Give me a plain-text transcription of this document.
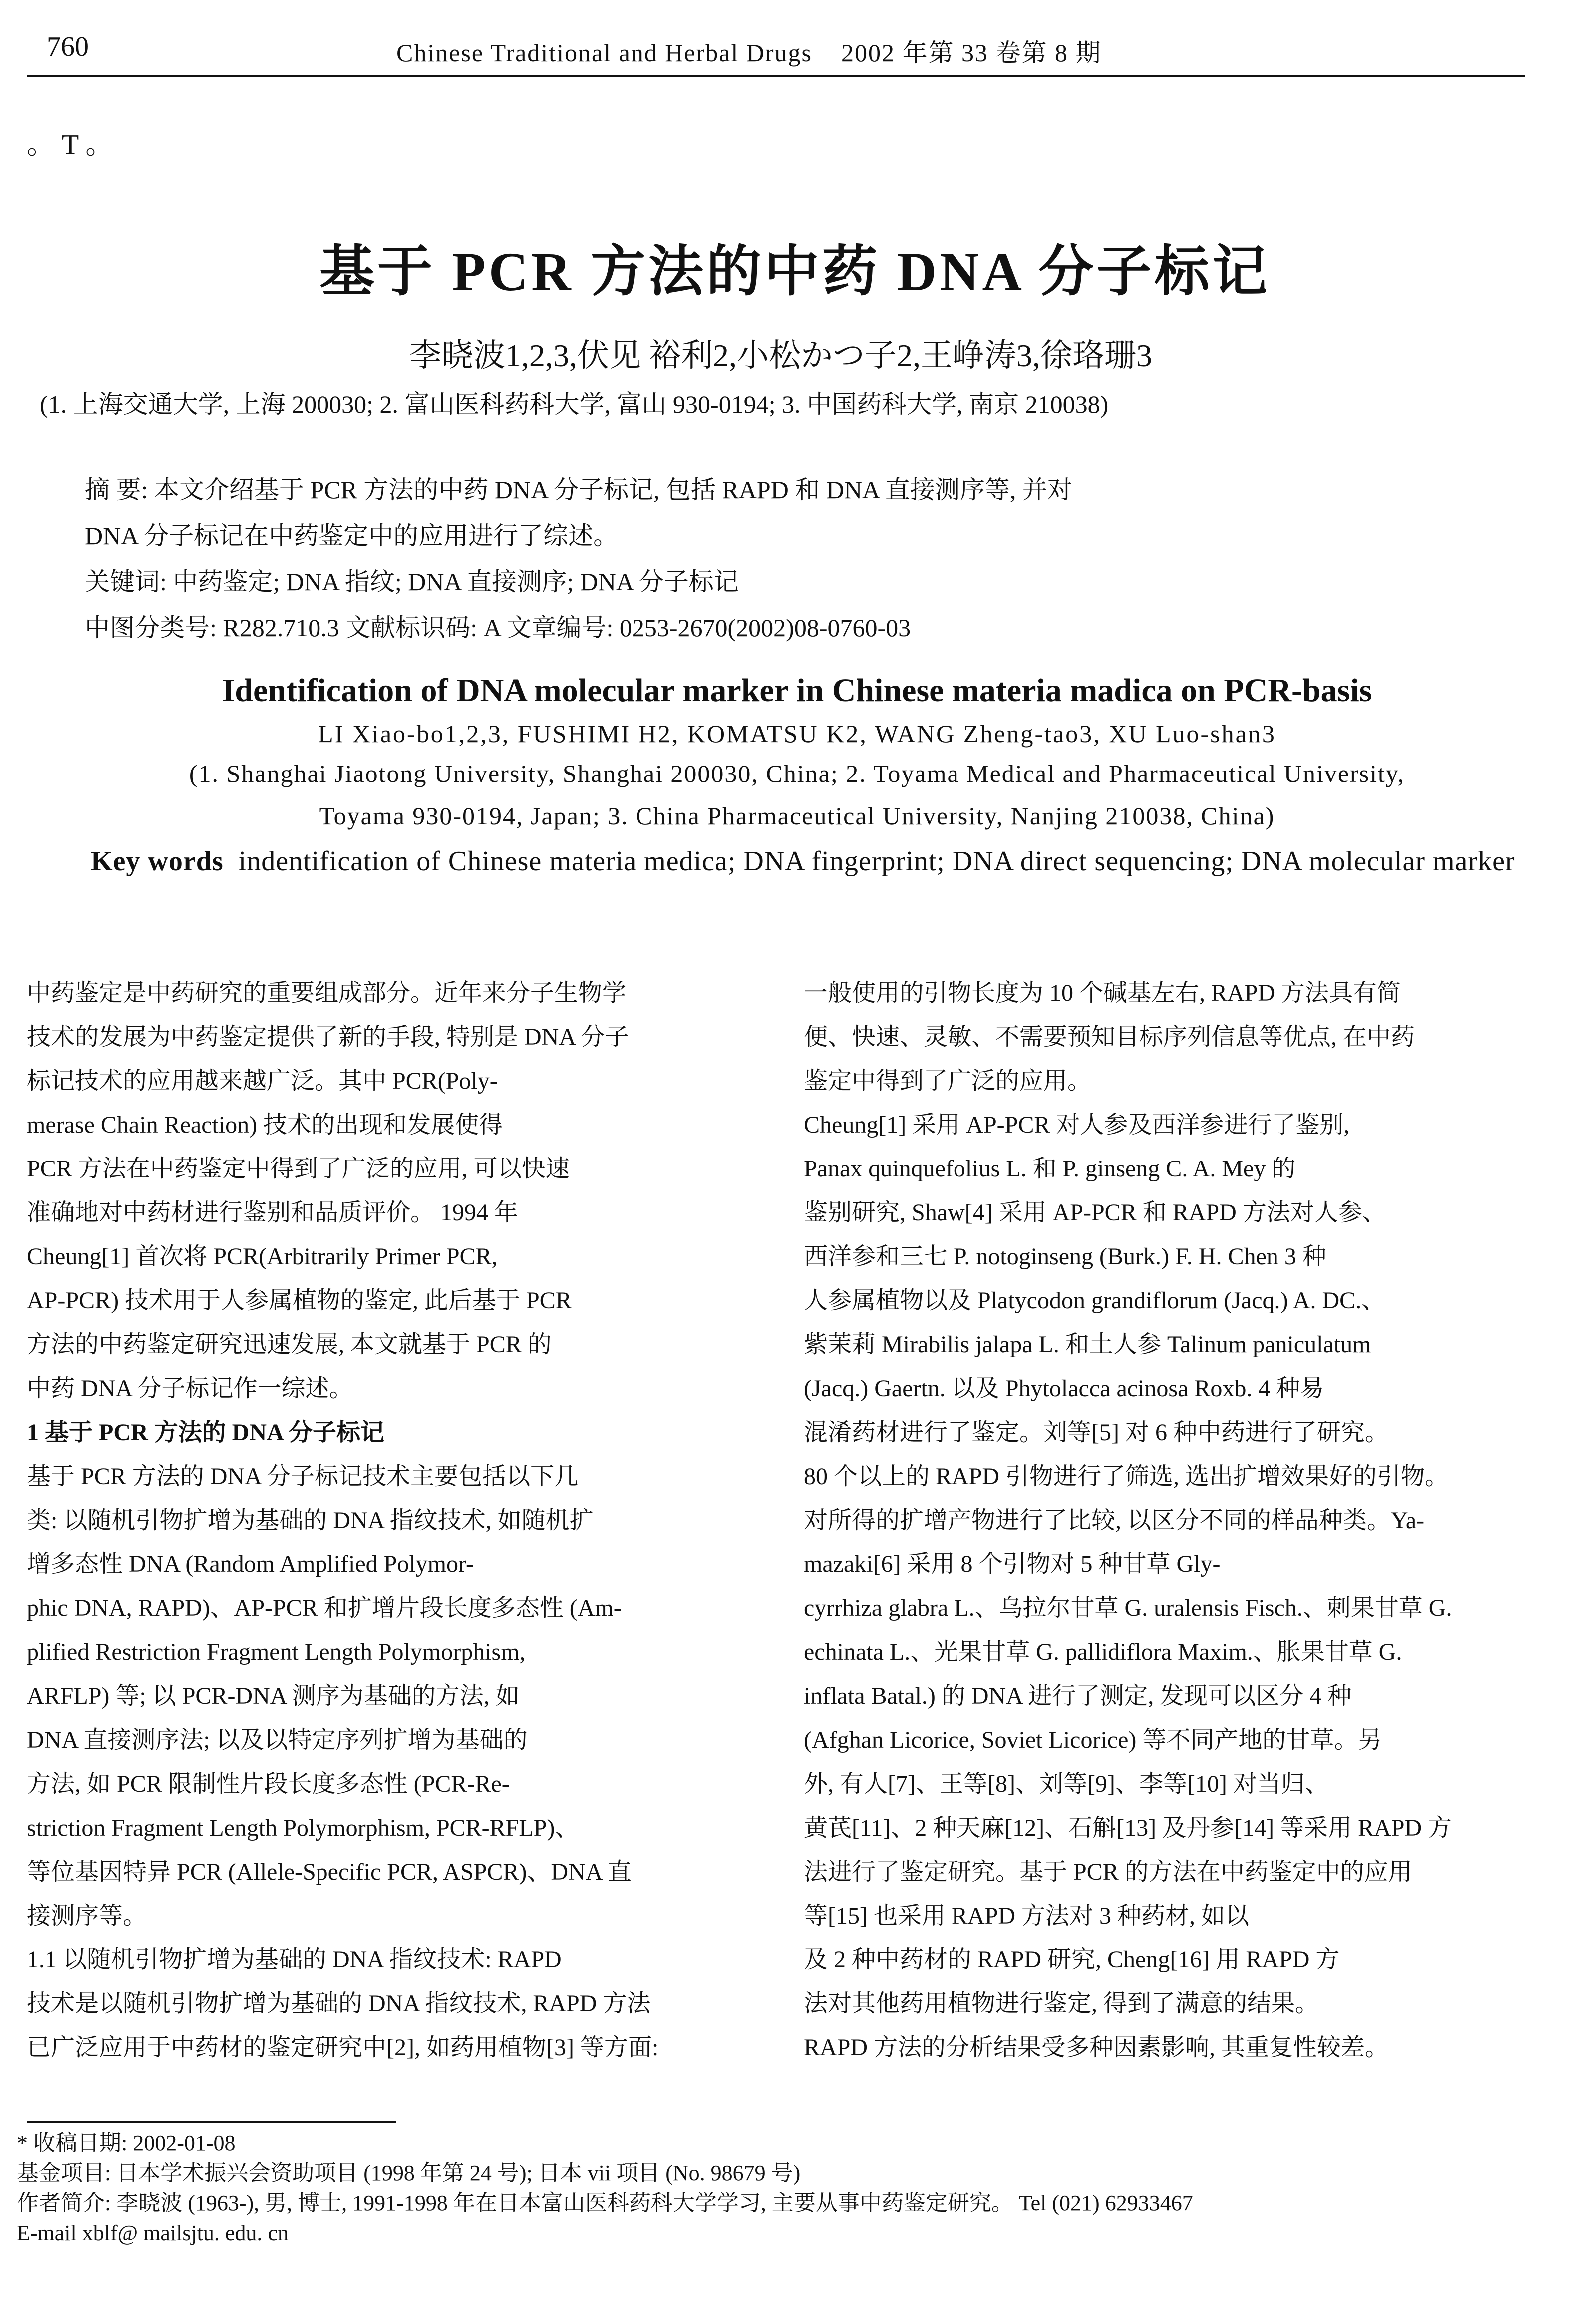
760	Chinese Traditional and Herbal Drugs 2002 年第 33 卷第 8 期
。 T 。
基于 PCR 方法的中药 DNA 分子标记
李晓波1,2,3,伏见 裕利2,小松かつ子2,王峥涛3,徐珞珊3
(1. 上海交通大学, 上海 200030; 2. 富山医科药科大学, 富山 930-0194; 3. 中国药科大学, 南京 210038)
摘 要: 本文介绍基于 PCR 方法的中药 DNA 分子标记, 包括 RAPD 和 DNA 直接测序等, 并对
DNA 分子标记在中药鉴定中的应用进行了综述。
关键词: 中药鉴定; DNA 指纹; DNA 直接测序; DNA 分子标记
中图分类号: R282.710.3 文献标识码: A 文章编号: 0253-2670(2002)08-0760-03
Identification of DNA molecular marker in Chinese materia madica on PCR-basis
LI Xiao-bo1,2,3, FUSHIMI H2, KOMATSU K2, WANG Zheng-tao3, XU Luo-shan3
(1. Shanghai Jiaotong University, Shanghai 200030, China; 2. Toyama Medical and Pharmaceutical University,
Toyama 930-0194, Japan; 3. China Pharmaceutical University, Nanjing 210038, China)
Key words indentification of Chinese materia medica; DNA fingerprint; DNA direct sequencing; DNA molecular marker
中药鉴定是中药研究的重要组成部分。近年来分子生物学
技术的发展为中药鉴定提供了新的手段, 特别是 DNA 分子
标记技术的应用越来越广泛。其中 PCR(Poly-
merase Chain Reaction) 技术的出现和发展使得
PCR 方法在中药鉴定中得到了广泛的应用, 可以快速
准确地对中药材进行鉴别和品质评价。 1994 年
Cheung[1] 首次将 PCR(Arbitrarily Primer PCR,
AP-PCR) 技术用于人参属植物的鉴定, 此后基于 PCR
方法的中药鉴定研究迅速发展, 本文就基于 PCR 的
中药 DNA 分子标记作一综述。
1 基于 PCR 方法的 DNA 分子标记
基于 PCR 方法的 DNA 分子标记技术主要包括以下几
类: 以随机引物扩增为基础的 DNA 指纹技术, 如随机扩
增多态性 DNA (Random Amplified Polymor-
phic DNA, RAPD)、AP-PCR 和扩增片段长度多态性 (Am-
plified Restriction Fragment Length Polymorphism,
ARFLP) 等; 以 PCR-DNA 测序为基础的方法, 如
DNA 直接测序法; 以及以特定序列扩增为基础的
方法, 如 PCR 限制性片段长度多态性 (PCR-Re-
striction Fragment Length Polymorphism, PCR-RFLP)、
等位基因特异 PCR (Allele-Specific PCR, ASPCR)、DNA 直
接测序等。
1.1 以随机引物扩增为基础的 DNA 指纹技术: RAPD
技术是以随机引物扩增为基础的 DNA 指纹技术, RAPD 方法
已广泛应用于中药材的鉴定研究中[2], 如药用植物[3] 等方面:
一般使用的引物长度为 10 个碱基左右, RAPD 方法具有简
便、快速、灵敏、不需要预知目标序列信息等优点, 在中药
鉴定中得到了广泛的应用。
Cheung[1] 采用 AP-PCR 对人参及西洋参进行了鉴别,
Panax quinquefolius L. 和 P. ginseng C. A. Mey 的
鉴别研究, Shaw[4] 采用 AP-PCR 和 RAPD 方法对人参、
西洋参和三七 P. notoginseng (Burk.) F. H. Chen 3 种
人参属植物以及 Platycodon grandiflorum (Jacq.) A. DC.、
紫茉莉 Mirabilis jalapa L. 和土人参 Talinum paniculatum
(Jacq.) Gaertn. 以及 Phytolacca acinosa Roxb. 4 种易
混淆药材进行了鉴定。刘等[5] 对 6 种中药进行了研究。
80 个以上的 RAPD 引物进行了筛选, 选出扩增效果好的引物。
对所得的扩增产物进行了比较, 以区分不同的样品种类。Ya-
mazaki[6] 采用 8 个引物对 5 种甘草 Gly-
cyrrhiza glabra L.、乌拉尔甘草 G. uralensis Fisch.、刺果甘草 G.
echinata L.、光果甘草 G. pallidiflora Maxim.、胀果甘草 G.
inflata Batal.) 的 DNA 进行了测定, 发现可以区分 4 种
(Afghan Licorice, Soviet Licorice) 等不同产地的甘草。另
外, 有人[7]、王等[8]、刘等[9]、李等[10] 对当归、
黄芪[11]、2 种天麻[12]、石斛[13] 及丹参[14] 等采用 RAPD 方
法进行了鉴定研究。基于 PCR 的方法在中药鉴定中的应用
等[15] 也采用 RAPD 方法对 3 种药材, 如以
及 2 种中药材的 RAPD 研究, Cheng[16] 用 RAPD 方
法对其他药用植物进行鉴定, 得到了满意的结果。
RAPD 方法的分析结果受多种因素影响, 其重复性较差。
* 收稿日期: 2002-01-08
基金项目: 日本学术振兴会资助项目 (1998 年第 24 号); 日本 vii 项目 (No. 98679 号)
作者简介: 李晓波 (1963-), 男, 博士, 1991-1998 年在日本富山医科药科大学学习, 主要从事中药鉴定研究。 Tel (021) 62933467
E-mail xblf@ mailsjtu. edu. cn
